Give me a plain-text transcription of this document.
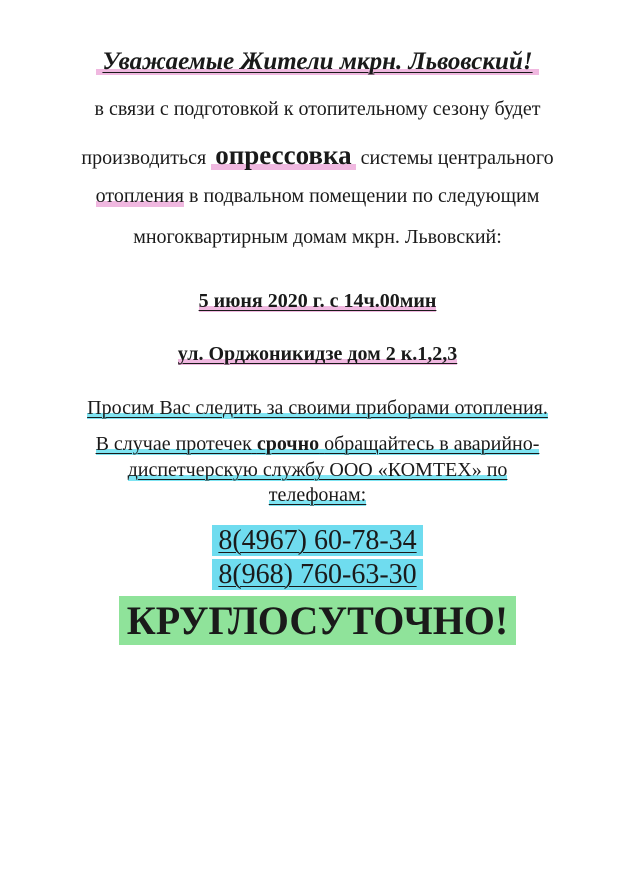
Уважаемые Жители мкрн. Львовский!
в связи с подготовкой к отопительному сезону будет
производиться опрессовка системы центрального
отопления в подвальном помещении по следующим
многоквартирным домам мкрн. Львовский:
5 июня 2020 г. с 14ч.00мин
ул. Орджоникидзе дом 2 к.1,2,3
Просим Вас следить за своими приборами отопления.
В случае протечек срочно обращайтесь в аварийно-
диспетчерскую службу ООО «КОМТЕХ» по
телефонам:
8(4967) 60-78-34
8(968) 760-63-30
КРУГЛОСУТОЧНО!
